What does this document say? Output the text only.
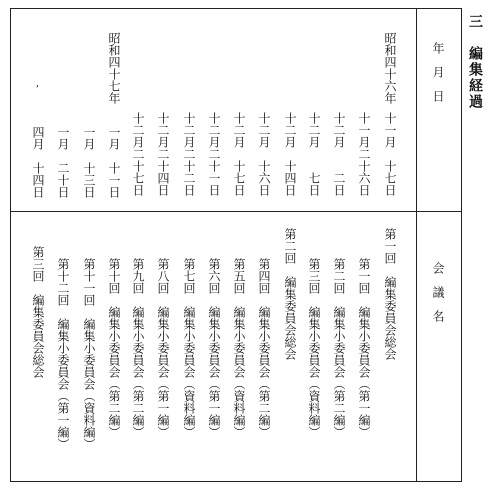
三　編集経過
年　月　日
会　議　名
昭和四十六年
昭和四十七年
,
十一月　十七日
十一月二十六日
十二月　　二日
十二月　　七日
十二月　十四日
十二月　十六日
十二月　十七日
十二月二十一日
十二月二十二日
十二月二十四日
十二月二十七日
一月　十一日
一月　十三日
一月　二十日
四月　十四日
第一回　編集委員会総会
第一回　編集小委員会（第一編）
第二回　編集小委員会（第二編）
第三回　編集小委員会（資料編）
第二回　編集委員会総会
第四回　編集小委員会（第二編）
第五回　編集小委員会（資料編）
第六回　編集小委員会（第一編）
第七回　編集小委員会（資料編）
第八回　編集小委員会（第一編）
第九回　編集小委員会（第二編）
第十回　編集小委員会（第二編）
第十一回　編集小委員会（資料編）
第十二回　編集小委員会（第一編）
第三回　編集委員会総会
